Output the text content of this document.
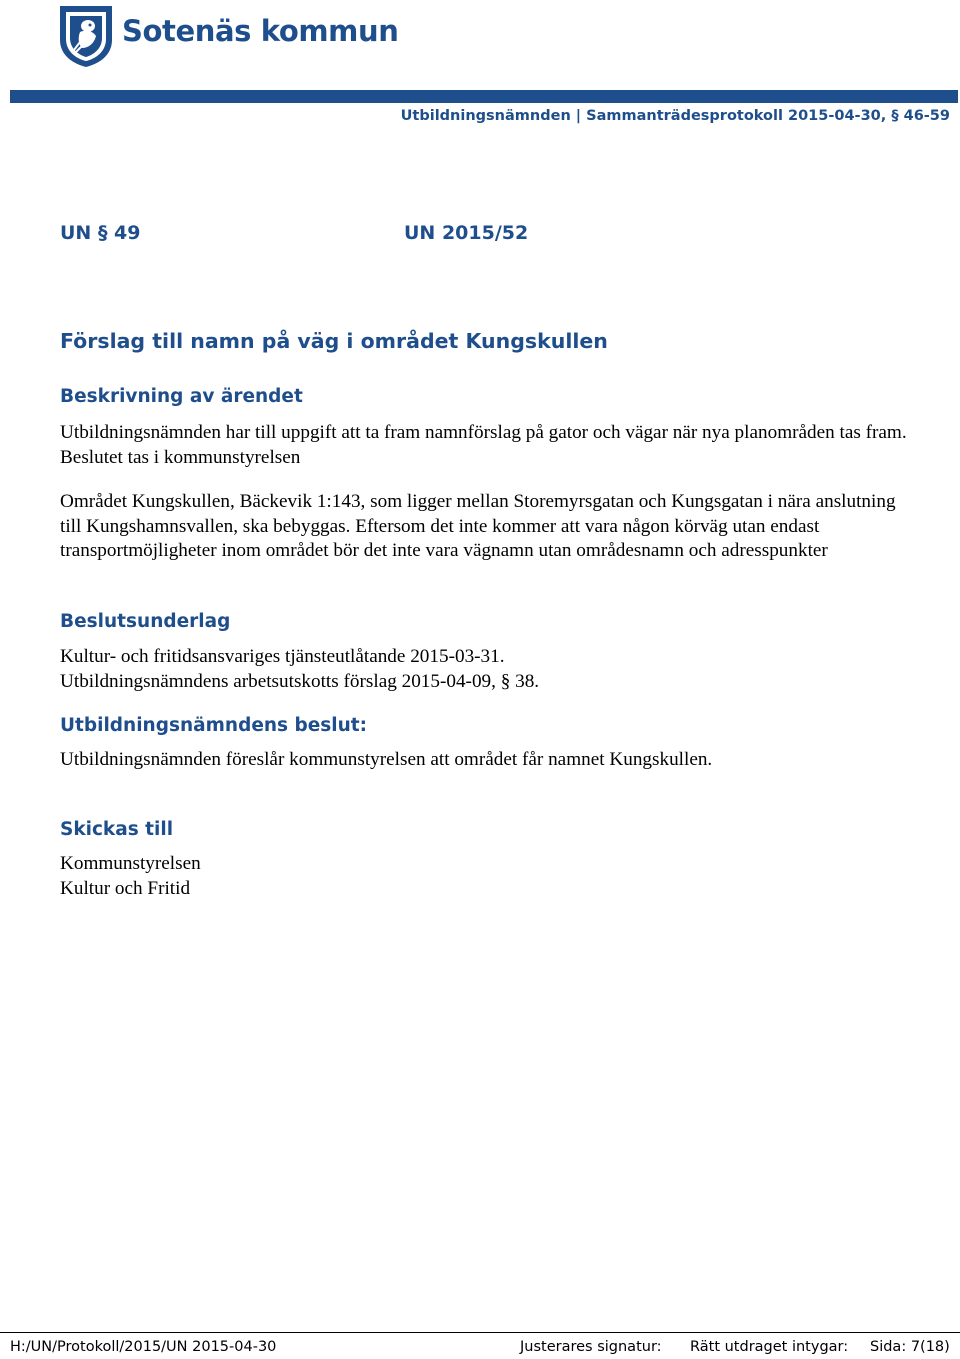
Sotenäs kommun
Utbildningsnämnden | Sammanträdesprotokoll 2015-04-30, § 46-59
UN § 49	UN 2015/52
Förslag till namn på väg i området Kungskullen
Beskrivning av ärendet

Utbildningsnämnden har till uppgift att ta fram namnförslag på gator och vägar när nya planområden tas fram. Beslutet tas i kommunstyrelsen

Området Kungskullen, Bäckevik 1:143, som ligger mellan Storemyrsgatan och Kungsgatan i nära anslutning till Kungshamnsvallen, ska bebyggas. Eftersom det inte kommer att vara någon körväg utan endast transportmöjligheter inom området bör det inte vara vägnamn utan områdesnamn och adresspunkter

Beslutsunderlag

Kultur- och fritidsansvariges tjänsteutlåtande 2015-03-31.

Utbildningsnämndens arbetsutskotts förslag 2015-04-09, § 38.

Utbildningsnämndens beslut:
Utbildningsnämnden föreslår kommunstyrelsen att området får namnet Kungskullen.
Skickas till

Kommunstyrelsen

Kultur och Fritid

H:/UN/Protokoll/2015/UN 2015-04-30	Justerares signatur: Rätt utdraget intygar: Sida: 7(18)
